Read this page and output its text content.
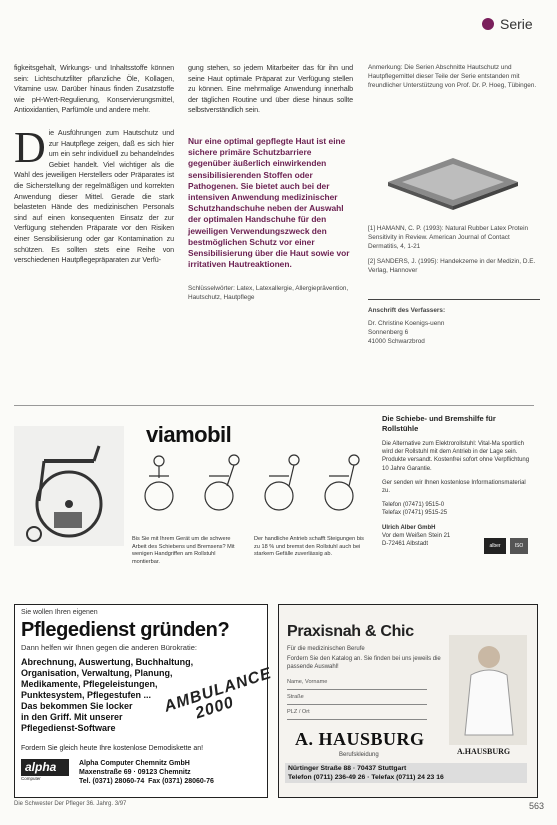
Serie

figkeitsgehalt, Wirkungs- und Inhaltsstoffe können sein: Lichtschutzfilter pflanzliche Öle, Kollagen, Vitamine usw. Darüber hinaus finden Zusatzstoffe wie pH-Wert-Regulierung, Konservierungsmittel, Antioxidantien, Parfümöle und andere mehr.

D ie Ausführungen zum Hautschutz und zur Hautpflege zeigen, daß es sich hier um ein sehr individuell zu behandelndes Gebiet handelt. Viel wichtiger als die Wahl des jeweiligen Herstellers oder Präparates ist die Sicherstellung der regelmäßigen und korrekten Anwendung dieser Mittel. Gerade die stark belasteten Hände des medizinischen Personals sind auf einen konsequenten Einsatz der zur Verfügung stehenden Präparate vor den Risiken einer Sensibilisierung oder gar Kontamination zu schützen. Es sollten stets eine Reihe von verschiedenen Hautpflegepräparaten zur Verfü-

gung stehen, so jedem Mitarbeiter das für ihn und seine Haut optimale Präparat zur Verfügung stellen zu können. Eine mehrmalige Anwendung innerhalb der täglichen Routine und über diese hinaus sollte selbstverständlich sein.

Nur eine optimal gepflegte Haut ist eine sichere primäre Schutzbarriere gegenüber äußerlich einwirkenden sensibilisierenden Stoffen oder Pathogenen. Sie bietet auch bei der intensiven Anwendung medizinischer Schutzhandschuhe neben der Auswahl der optimalen Handschuhe für den jeweiligen Verwendungszweck den bestmöglichen Schutz vor einer Sensibilisierung über die Haut sowie vor irritativen Hautreaktionen.

Schlüsselwörter: Latex, Latexallergie, Allergieprävention, Hautschutz, Hautpflege

Anmerkung: Die Serien Abschnitte Hautschutz und Hautpflegemittel dieser Teile der Serie entstanden mit freundlicher Unterstützung von Prof. Dr. P. Hoeg, Tübingen.

[1] HAMANN, C. P. (1993): Natural Rubber Latex Protein Sensitivity in Review. American Journal of Contact Dermatitis, 4, 1-21

[2] SANDERS, J. (1995): Handekzeme in der Medizin, D.E. Verlag, Hannover

Anschrift des Verfassers:
Dr. Christine Koenigs-uenn
Sonnenberg 6
41000 Schwarzbrod
viamobil
Bis Sie mit Ihrem Gerät um die schwere Arbeit des Schiebens und Bremsens? Mit wenigen Handgriffen am Rollstuhl montierbar.
Der handliche Antrieb schafft Steigungen bis zu 18 % und bremst den Rollstuhl auch bei starkem Gefälle zuverlässig ab.
Die Schiebe- und Bremshilfe für Rollstühle
Die Alternative zum Elektrorollstuhl: Vital-Ma sportlich wird der Rollstuhl mit dem Antrieb in der Lage sein. Produkte versandt. Kostenfrei sofort ohne Verpflichtung 10 Jahre Garantie.
Ger senden wir Ihnen kostenlose Informationsmaterial zu.
Telefon (07471) 9515-0
Telefax (07471) 9515-25
Ulrich Alber GmbH
Vor dem Weißen Stein 21
D-72461 Albstadt	alber	ISO
Sie wollen Ihren eigenen
Pflegedienst gründen?
Dann helfen wir Ihnen gegen die anderen Bürokratie:
Abrechnung, Auswertung, Buchhaltung,
Organisation, Verwaltung, Planung,
Medikamente, Pflegeleistungen,
Punktesystem, Pflegestufen ...
Das bekommen Sie locker
in den Griff. Mit unserer
Pflegedienst-Software
AMBULANCE 2000
Fordern Sie gleich heute Ihre kostenlose Demodiskette an!
alpha
Computer
Alpha Computer Chemnitz GmbH
Maxenstraße 69 · 09123 Chemnitz
Tel. (0371) 28060-74 Fax (0371) 28060-76
Praxisnah & Chic
Für die medizinischen Berufe
Fordern Sie den Katalog an. Sie finden bei uns jeweils die passende Auswahl!
Name, Vorname
Straße
PLZ / Ort
A. HAUSBURG
Berufskleidung
Nürtinger Straße 88 · 70437 Stuttgart
Telefon (0711) 236-49 26 · Telefax (0711) 24 23 16
A.HAUSBURG
Die Schwester Der Pfleger 36. Jahrg. 3/97	563
